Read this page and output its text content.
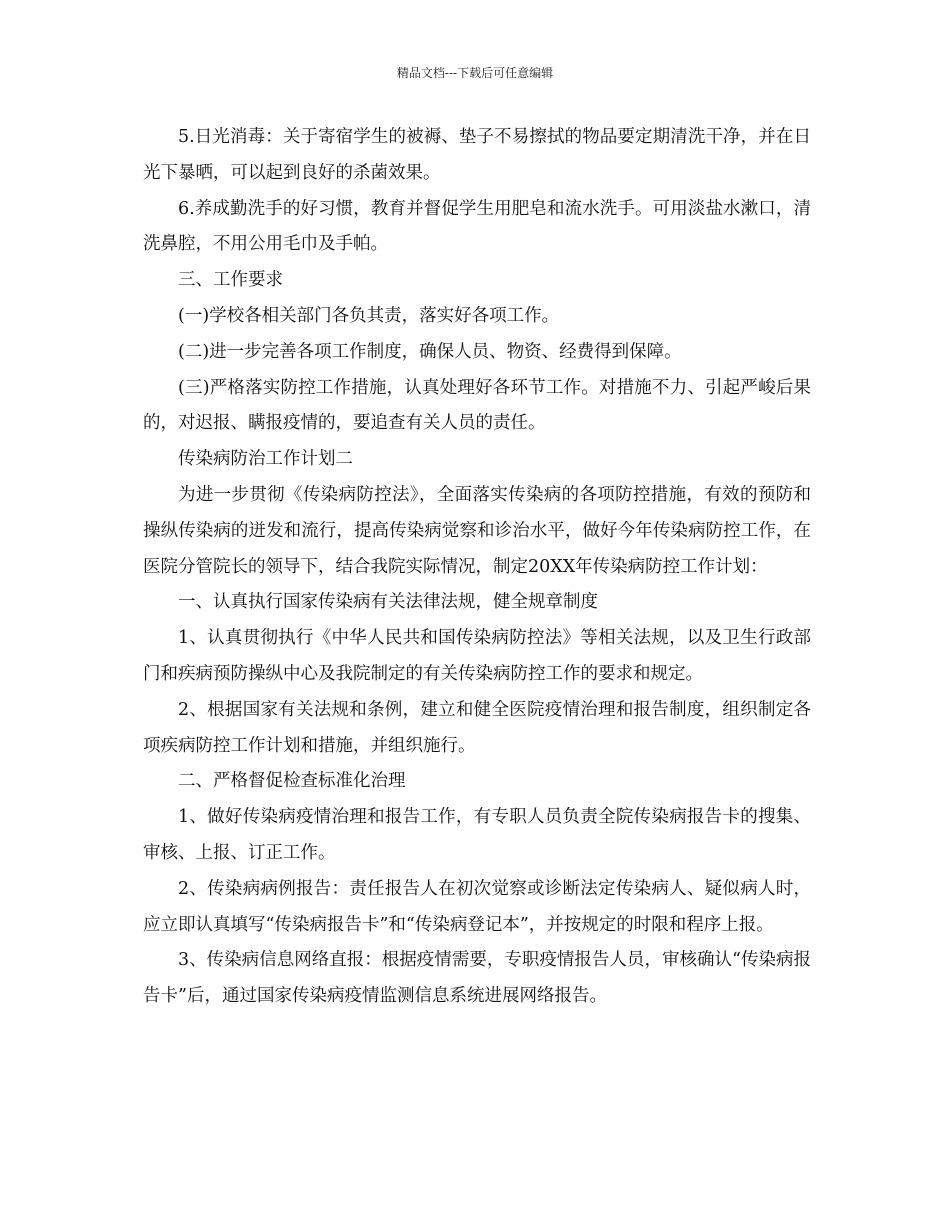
精品文档---下载后可任意编辑

5.日光消毒：关于寄宿学生的被褥、垫子不易擦拭的物品要定期清洗干净，并在日光下暴晒，可以起到良好的杀菌效果。

6.养成勤洗手的好习惯，教育并督促学生用肥皂和流水洗手。可用淡盐水漱口，清洗鼻腔，不用公用毛巾及手帕。

三、工作要求

(一)学校各相关部门各负其责，落实好各项工作。

(二)进一步完善各项工作制度，确保人员、物资、经费得到保障。

(三)严格落实防控工作措施，认真处理好各环节工作。对措施不力、引起严峻后果的，对迟报、瞒报疫情的，要追查有关人员的责任。

传染病防治工作计划二

为进一步贯彻《传染病防控法》，全面落实传染病的各项防控措施，有效的预防和操纵传染病的迸发和流行，提高传染病觉察和诊治水平，做好今年传染病防控工作，在医院分管院长的领导下，结合我院实际情况，制定20XX年传染病防控工作计划：

一、认真执行国家传染病有关法律法规，健全规章制度

1、认真贯彻执行《中华人民共和国传染病防控法》等相关法规，以及卫生行政部门和疾病预防操纵中心及我院制定的有关传染病防控工作的要求和规定。

2、根据国家有关法规和条例，建立和健全医院疫情治理和报告制度，组织制定各项疾病防控工作计划和措施，并组织施行。

二、严格督促检查标准化治理

1、做好传染病疫情治理和报告工作，有专职人员负责全院传染病报告卡的搜集、审核、上报、订正工作。

2、传染病病例报告：责任报告人在初次觉察或诊断法定传染病人、疑似病人时，应立即认真填写“传染病报告卡”和“传染病登记本”，并按规定的时限和程序上报。

3、传染病信息网络直报：根据疫情需要，专职疫情报告人员，审核确认“传染病报告卡”后，通过国家传染病疫情监测信息系统进展网络报告。
